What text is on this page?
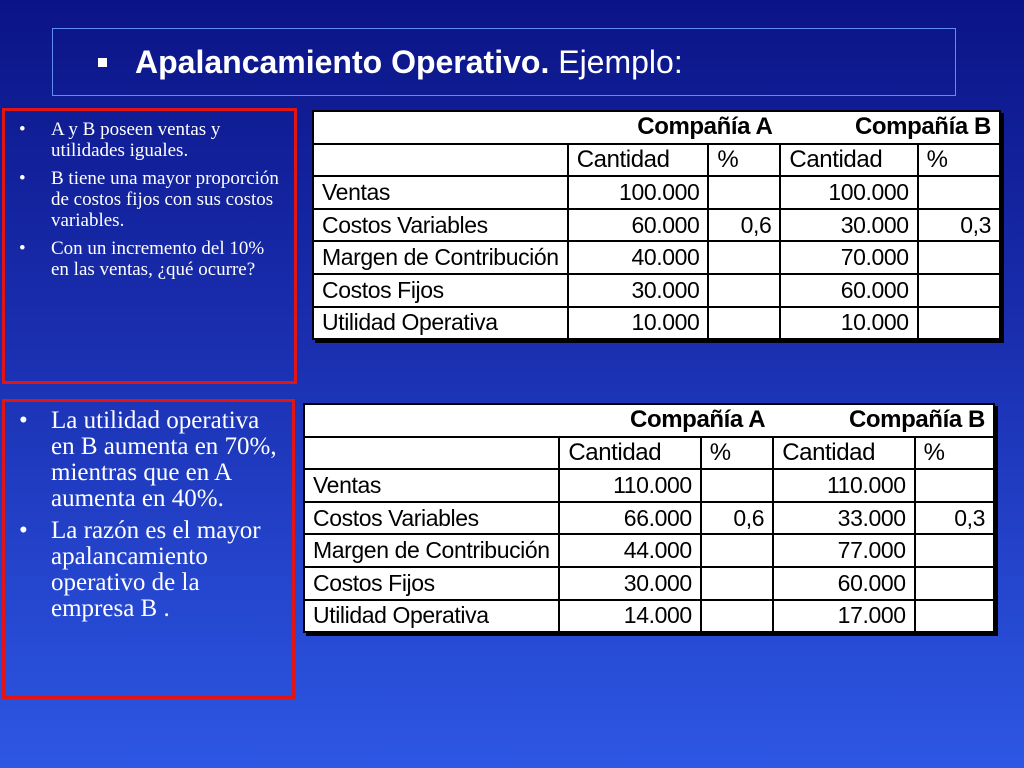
Apalancamiento Operativo. Ejemplo:
• A y B poseen ventas y utilidades iguales.
• B tiene una mayor proporción de costos fijos con sus costos variables.
• Con un incremento del 10% en las ventas, ¿qué ocurre?
• La utilidad operativa en B aumenta en 70%, mientras que en A aumenta en 40%.
• La razón es el mayor apalancamiento operativo de la empresa B .
	Compañía A		Compañía B	
	Cantidad	%	Cantidad	%
Ventas	100.000		100.000	
Costos Variables	60.000	0,6	30.000	0,3
Margen de Contribución	40.000		70.000	
Costos Fijos	30.000		60.000	
Utilidad Operativa	10.000		10.000	
	Compañía A		Compañía B	
	Cantidad	%	Cantidad	%
Ventas	110.000		110.000	
Costos Variables	66.000	0,6	33.000	0,3
Margen de Contribución	44.000		77.000	
Costos Fijos	30.000		60.000	
Utilidad Operativa	14.000		17.000	
